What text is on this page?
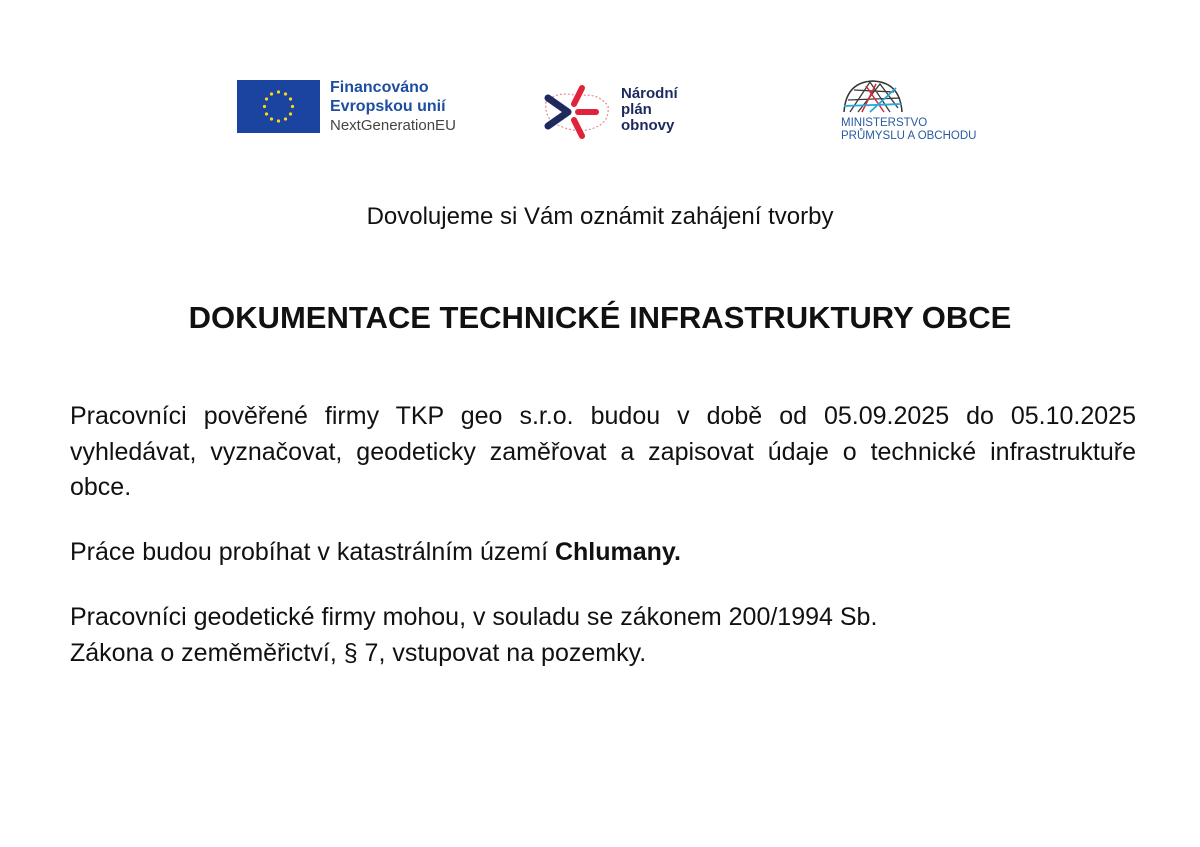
Financováno
Evropskou unií
NextGenerationEU
Národní
plán
obnovy	MINISTERSTVO
PRŮMYSLU A OBCHODU
Dovolujeme si Vám oznámit zahájení tvorby
DOKUMENTACE TECHNICKÉ INFRASTRUKTURY OBCE
Pracovníci pověřené firmy TKP geo s.r.o. budou v době od 05.09.2025 do 05.10.2025 vyhledávat, vyznačovat, geodeticky zaměřovat a zapisovat údaje o technické infrastruktuře obce.
Práce budou probíhat v katastrálním území Chlumany.
Pracovníci geodetické firmy mohou, v souladu se zákonem 200/1994 Sb.
Zákona o zeměměřictví, § 7, vstupovat na pozemky.
